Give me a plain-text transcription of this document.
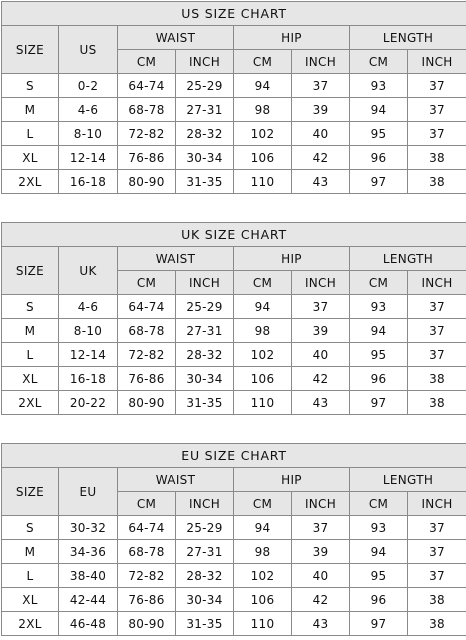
US SIZE CHART							
SIZE	US	WAIST		HIP		LENGTH	
		CM	INCH	CM	INCH	CM	INCH
S	0-2	64-74	25-29	94	37	93	37
M	4-6	68-78	27-31	98	39	94	37
L	8-10	72-82	28-32	102	40	95	37
XL	12-14	76-86	30-34	106	42	96	38
2XL	16-18	80-90	31-35	110	43	97	38
UK SIZE CHART							
SIZE	UK	WAIST		HIP		LENGTH	
		CM	INCH	CM	INCH	CM	INCH
S	4-6	64-74	25-29	94	37	93	37
M	8-10	68-78	27-31	98	39	94	37
L	12-14	72-82	28-32	102	40	95	37
XL	16-18	76-86	30-34	106	42	96	38
2XL	20-22	80-90	31-35	110	43	97	38
EU SIZE CHART							
SIZE	EU	WAIST		HIP		LENGTH	
		CM	INCH	CM	INCH	CM	INCH
S	30-32	64-74	25-29	94	37	93	37
M	34-36	68-78	27-31	98	39	94	37
L	38-40	72-82	28-32	102	40	95	37
XL	42-44	76-86	30-34	106	42	96	38
2XL	46-48	80-90	31-35	110	43	97	38
